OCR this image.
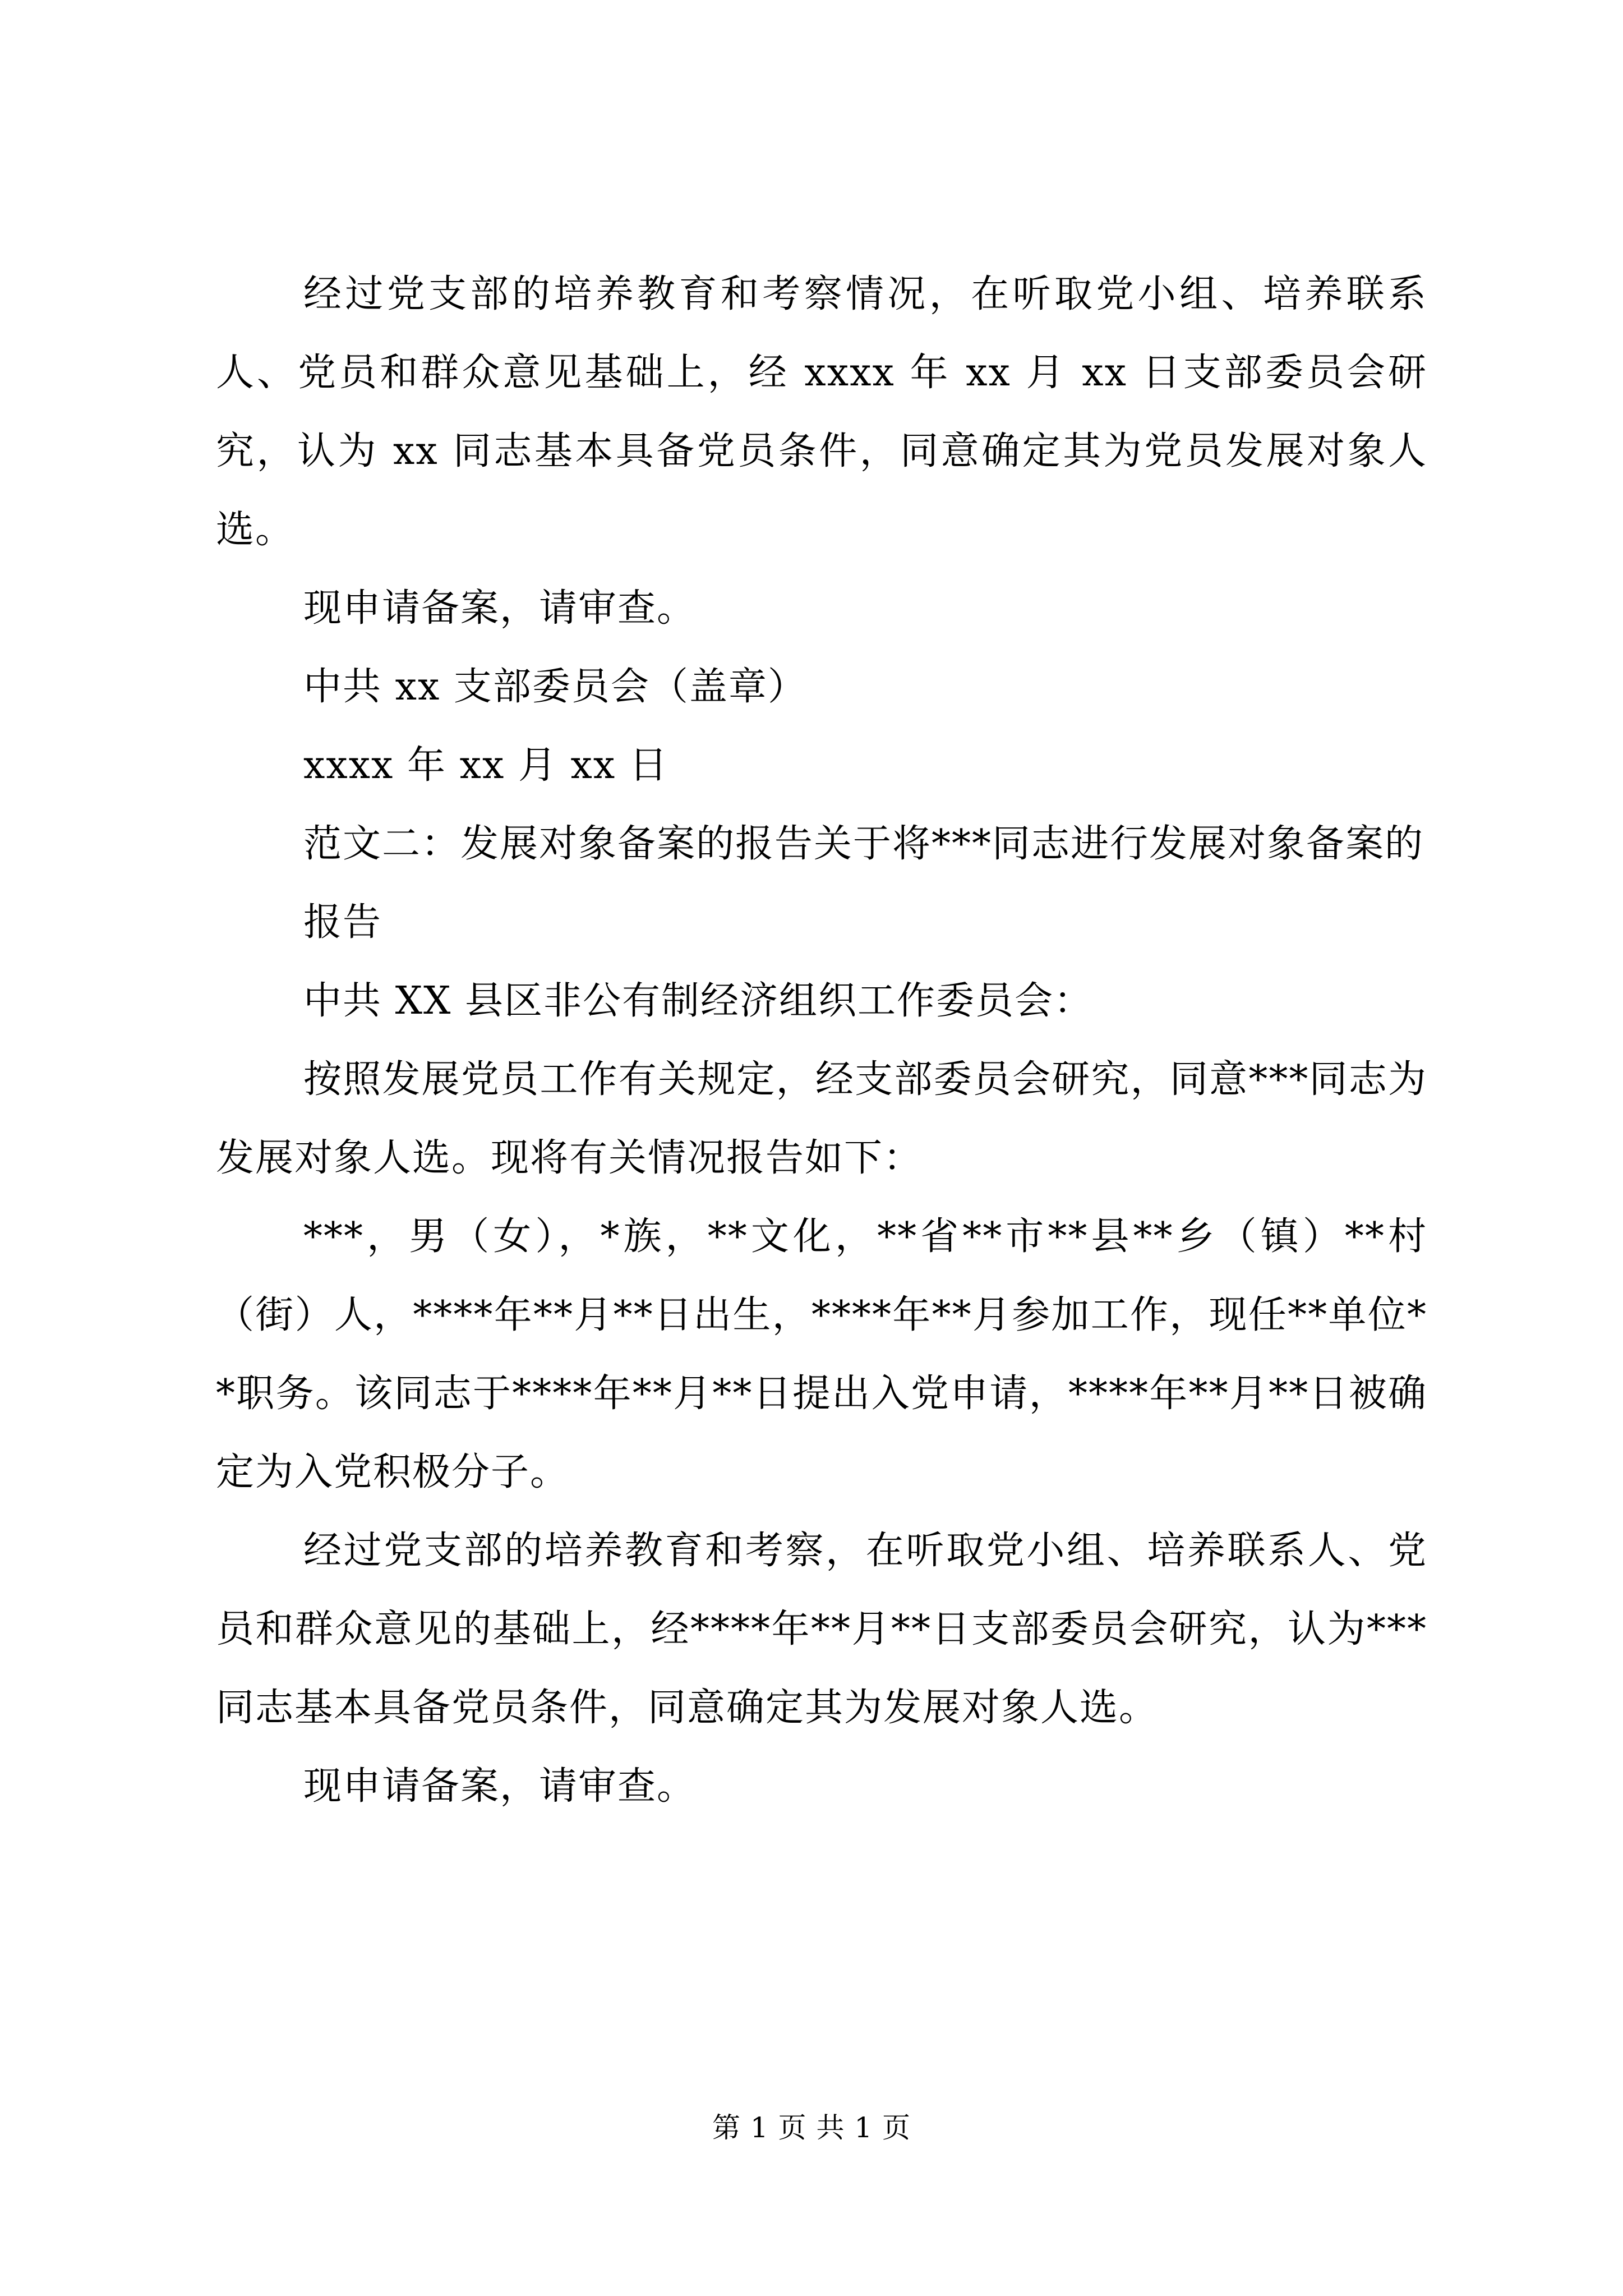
经过党支部的培养教育和考察情况，在听取党小组、培养联系人、党员和群众意见基础上，经 xxxx 年 xx 月 xx 日支部委员会研究，认为 xx 同志基本具备党员条件，同意确定其为党员发展对象人选。

现申请备案，请审查。

中共 xx 支部委员会（盖章）

xxxx 年 xx 月 xx 日

范文二：发展对象备案的报告关于将***同志进行发展对象备案的

报告

中共 XX 县区非公有制经济组织工作委员会：

按照发展党员工作有关规定，经支部委员会研究，同意***同志为发展对象人选。现将有关情况报告如下：

***，男（女），*族，**文化，**省**市**县**乡（镇）**村（街）人，****年**月**日出生，****年**月参加工作，现任**单位**职务。该同志于****年**月**日提出入党申请，****年**月**日被确定为入党积极分子。

经过党支部的培养教育和考察，在听取党小组、培养联系人、党员和群众意见的基础上，经****年**月**日支部委员会研究，认为***同志基本具备党员条件，同意确定其为发展对象人选。

现申请备案，请审查。

第 1 页 共 1 页
